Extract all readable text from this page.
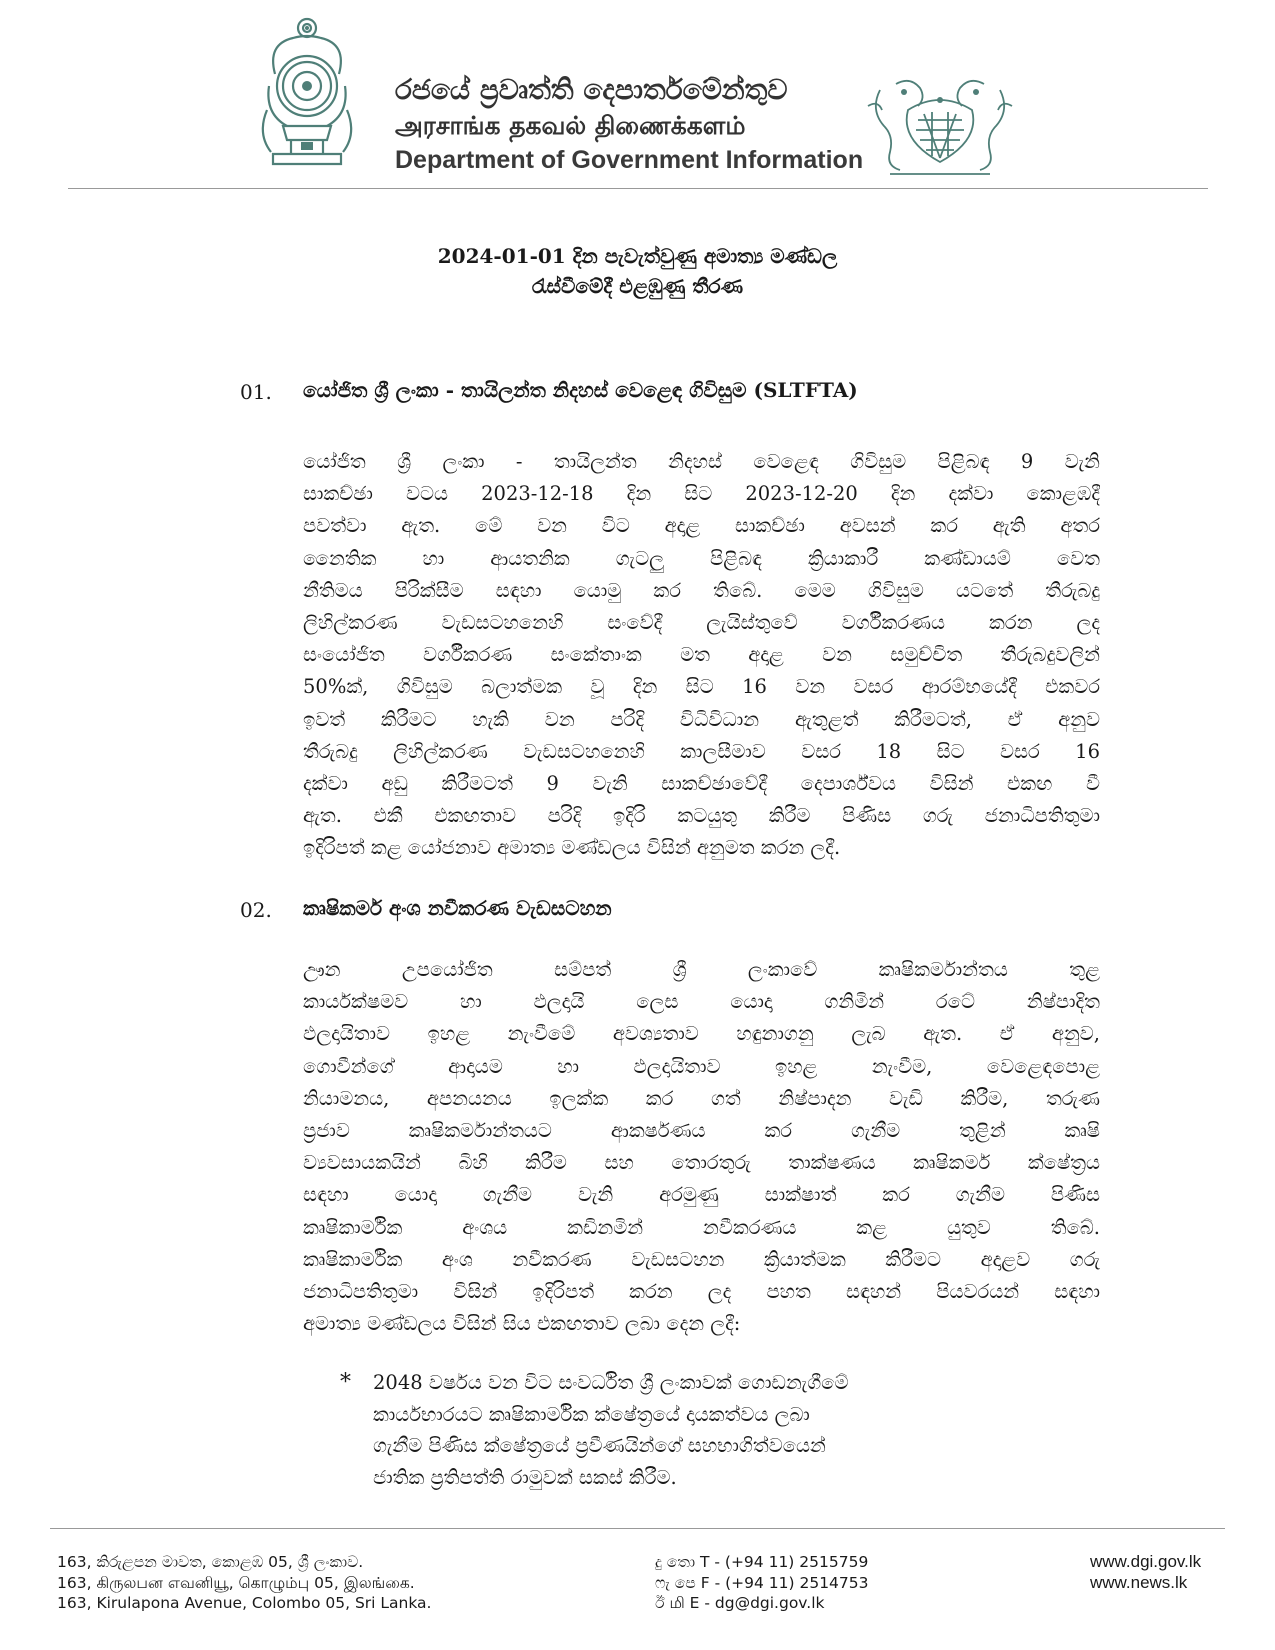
රජයේ ප්‍රවෘත්ති දෙපාර්තමේන්තුව
அரசாங்க தகவல் திணைக்களம்
Department of Government Information
2024-01-01 දින පැවැත්වුණු අමාත්‍ය මණ්ඩල
රැස්වීමේදී එළඹුණු තීරණ
01. යෝජිත ශ්‍රී ලංකා - තායිලන්ත නිදහස් වෙළෙඳ ගිවිසුම (SLTFTA)
යෝජිත ශ්‍රී ලංකා - තායිලන්ත නිදහස් වෙළෙඳ ගිවිසුම පිළිබඳ 9 වැනි
සාකච්ඡා වටය 2023-12-18 දින සිට 2023-12-20 දින දක්වා කොළඹදී
පවත්වා ඇත. මේ වන විට අදාළ සාකච්ඡා අවසන් කර ඇති අතර
නෛතික හා ආයතනික ගැටලු පිළිබඳ ක්‍රියාකාරී කණ්ඩායම් වෙත
නීතිමය පිරික්සීම සඳහා යොමු කර තිබේ. මෙම ගිවිසුම යටතේ තීරුබදු
ලිහිල්කරණ වැඩසටහනෙහි සංවේදී ලැයිස්තුවේ වර්ගීකරණය කරන ලද
සංයෝජිත වර්ගීකරණ සංකේතාංක මත අදාළ වන සමුච්චිත තීරුබදුවලින්
50%ක්, ගිවිසුම බලාත්මක වූ දින සිට 16 වන වසර ආරම්භයේදී එකවර
ඉවත් කිරීමට හැකි වන පරිදි විධිවිධාන ඇතුළත් කිරීමටත්, ඒ අනුව
තීරුබදු ලිහිල්කරණ වැඩසටහනෙහි කාලසීමාව වසර 18 සිට වසර 16
දක්වා අඩු කිරීමටත් 9 වැනි සාකච්ඡාවේදී දෙපාර්ශ්වය විසින් එකඟ වී
ඇත. එකී එකඟතාව පරිදි ඉදිරි කටයුතු කිරීම පිණිස ගරු ජනාධිපතිතුමා
ඉදිරිපත් කළ යෝජනාව අමාත්‍ය මණ්ඩලය විසින් අනුමත කරන ලදී.
02. කෘෂිකර්ම අංශ නවීකරණ වැඩසටහන
ඌන උපයෝජිත සම්පත් ශ්‍රී ලංකාවේ කෘෂිකර්මාන්තය තුළ
කාර්යක්ෂමව හා ඵලදායි ලෙස යොදා ගනිමින් රටේ නිෂ්පාදිත
ඵලදායිතාව ඉහළ නැංවීමේ අවශ්‍යතාව හඳුනාගනු ලැබ ඇත. ඒ අනුව,
ගොවීන්ගේ ආදායම හා ඵලදායිතාව ඉහළ නැංවීම, වෙළෙඳපොළ
නියාමනය, අපනයනය ඉලක්ක කර ගත් නිෂ්පාදන වැඩි කිරීම, තරුණ
ප්‍රජාව කෘෂිකර්මාන්තයට ආකර්ෂණය කර ගැනීම තුළින් කෘෂි
ව්‍යවසායකයින් බිහි කිරීම සහ තොරතුරු තාක්ෂණය කෘෂිකර්ම ක්ෂේත්‍රය
සඳහා යොදා ගැනීම වැනි අරමුණු සාක්ෂාත් කර ගැනීම පිණිස
කෘෂිකාර්මික අංශය කඩිනමින් නවීකරණය කළ යුතුව තිබේ.
කෘෂිකාර්මික අංශ නවීකරණ වැඩසටහන ක්‍රියාත්මක කිරීමට අදාළව ගරු
ජනාධිපතිතුමා විසින් ඉදිරිපත් කරන ලද පහත සඳහන් පියවරයන් සඳහා
අමාත්‍ය මණ්ඩලය විසින් සිය එකඟතාව ලබා දෙන ලදී:
* 2048 වර්ෂය වන විට සංවර්ධිත ශ්‍රී ලංකාවක් ගොඩනැගීමේ
කාර්යභාරයට කෘෂිකාර්මික ක්ෂේත්‍රයේ දායකත්වය ලබා
ගැනීම පිණිස ක්ෂේත්‍රයේ ප්‍රවීණයින්ගේ සහභාගිත්වයෙන්
ජාතික ප්‍රතිපත්ති රාමුවක් සකස් කිරීම.
163, කිරුළපන මාවත, කොළඹ 05, ශ්‍රී ලංකාව.
163, கிருலபன எவனியூ, கொழும்பு 05, இலங்கை.
163, Kirulapona Avenue, Colombo 05, Sri Lanka.
දු තො T - (+94 11) 2515759
ෆැ පෙ F - (+94 11) 2514753
ඊ மி E - dg@dgi.gov.lk
www.dgi.gov.lk
www.news.lk
